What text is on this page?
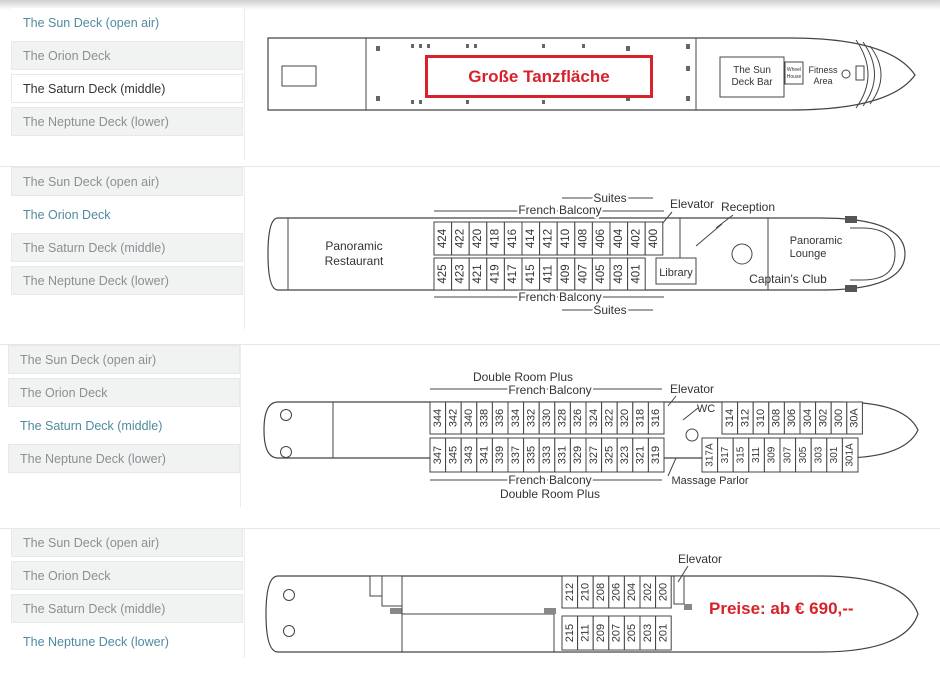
The Sun Deck (open air)
The Orion Deck
The Saturn Deck (middle)
The Neptune Deck (lower)
The Sun
Deck Bar
Wheel
House
Fitness
Area
Große Tanzfläche
The Sun Deck (open air)
The Orion Deck
The Saturn Deck (middle)
The Neptune Deck (lower)
Library
Panoramic
Restaurant
Panoramic
Lounge
Captain's Club
Elevator Reception
Suites
French Balcony
French Balcony
Suites
424 422 420 418 416 414 412 410 408 406 404 402 400
425 423 421 419 417 415 411 409 407 405 403 401
The Sun Deck (open air)
The Orion Deck
The Saturn Deck (middle)
The Neptune Deck (lower)
Double Room Plus
French Balcony	Elevator
WC
French Balcony
Double Room Plus
Massage Parlor
344 342 340 338 336 334 332 330 328 326 324 322 320 318 316	314 312 310 308 306 304 302 300 30A
347 345 343 341 339 337 335 333 331 329 327 325 323 321 319	317A 317 315 311 309 307 305 303 301 301A
The Sun Deck (open air)
The Orion Deck
The Saturn Deck (middle)
The Neptune Deck (lower)
Elevator
212 210 208 206 204 202 200
215 211 209 207 205 203 201
Preise: ab € 690,--
